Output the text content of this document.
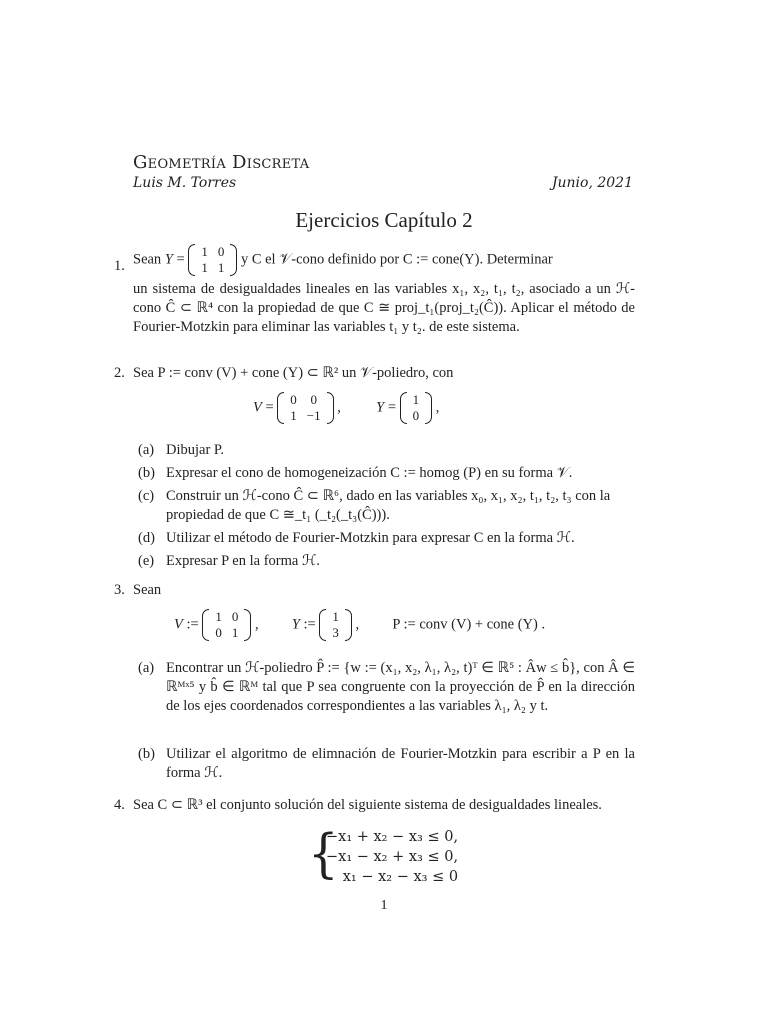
Geometría Discreta
Luis M. Torres	Junio, 2021
Ejercicios Capítulo 2
1. Sean Y = 1	0
1	1
y C el 𝒱-cono definido por C := cone(Y). Determinar
un sistema de desigualdades lineales en las variables x₁, x₂, t₁, t₂, asociado a un ℋ-cono Ĉ ⊂ ℝ⁴ con la propiedad de que C ≅ proj_t₁(proj_t₂(Ĉ)). Aplicar el método de Fourier-Motzkin para eliminar las variables t₁ y t₂. de este sistema.
2. Sea P := conv (V) + cone (Y) ⊂ ℝ² un 𝒱-poliedro, con
V = 0	0
1	−1
,  Y = 1
0
,
(a) Dibujar P.
(b) Expresar el cono de homogeneización C := homog (P) en su forma 𝒱.
(c) Construir un ℋ-cono Ĉ ⊂ ℝ⁶, dado en las variables x₀, x₁, x₂, t₁, t₂, t₃ con la propiedad de que C ≅_t₁ (_t₂(_t₃(Ĉ))).
(d) Utilizar el método de Fourier-Motzkin para expresar C en la forma ℋ.
(e) Expresar P en la forma ℋ.
3. Sean
V := 1	0
0	1
,  Y := 1
3
,  P := conv (V) + cone (Y) .
(a) Encontrar un ℋ-poliedro P̂ := {w := (x₁, x₂, λ₁, λ₂, t)ᵀ ∈ ℝ⁵ : Âw ≤ b̂}, con Â ∈ ℝᴹˣ⁵ y b̂ ∈ ℝᴹ tal que P sea congruente con la proyección de P̂ en la dirección de los ejes coordenados correspondientes a las variables λ₁, λ₂ y t.
(b) Utilizar el algoritmo de elimnación de Fourier-Motzkin para escribir a P en la forma ℋ.
4. Sea C ⊂ ℝ³ el conjunto solución del siguiente sistema de desigualdades lineales.
{
−x₁ + x₂ − x₃ ≤ 0,
−x₁ − x₂ + x₃ ≤ 0,
x₁ − x₂ − x₃ ≤ 0
1
